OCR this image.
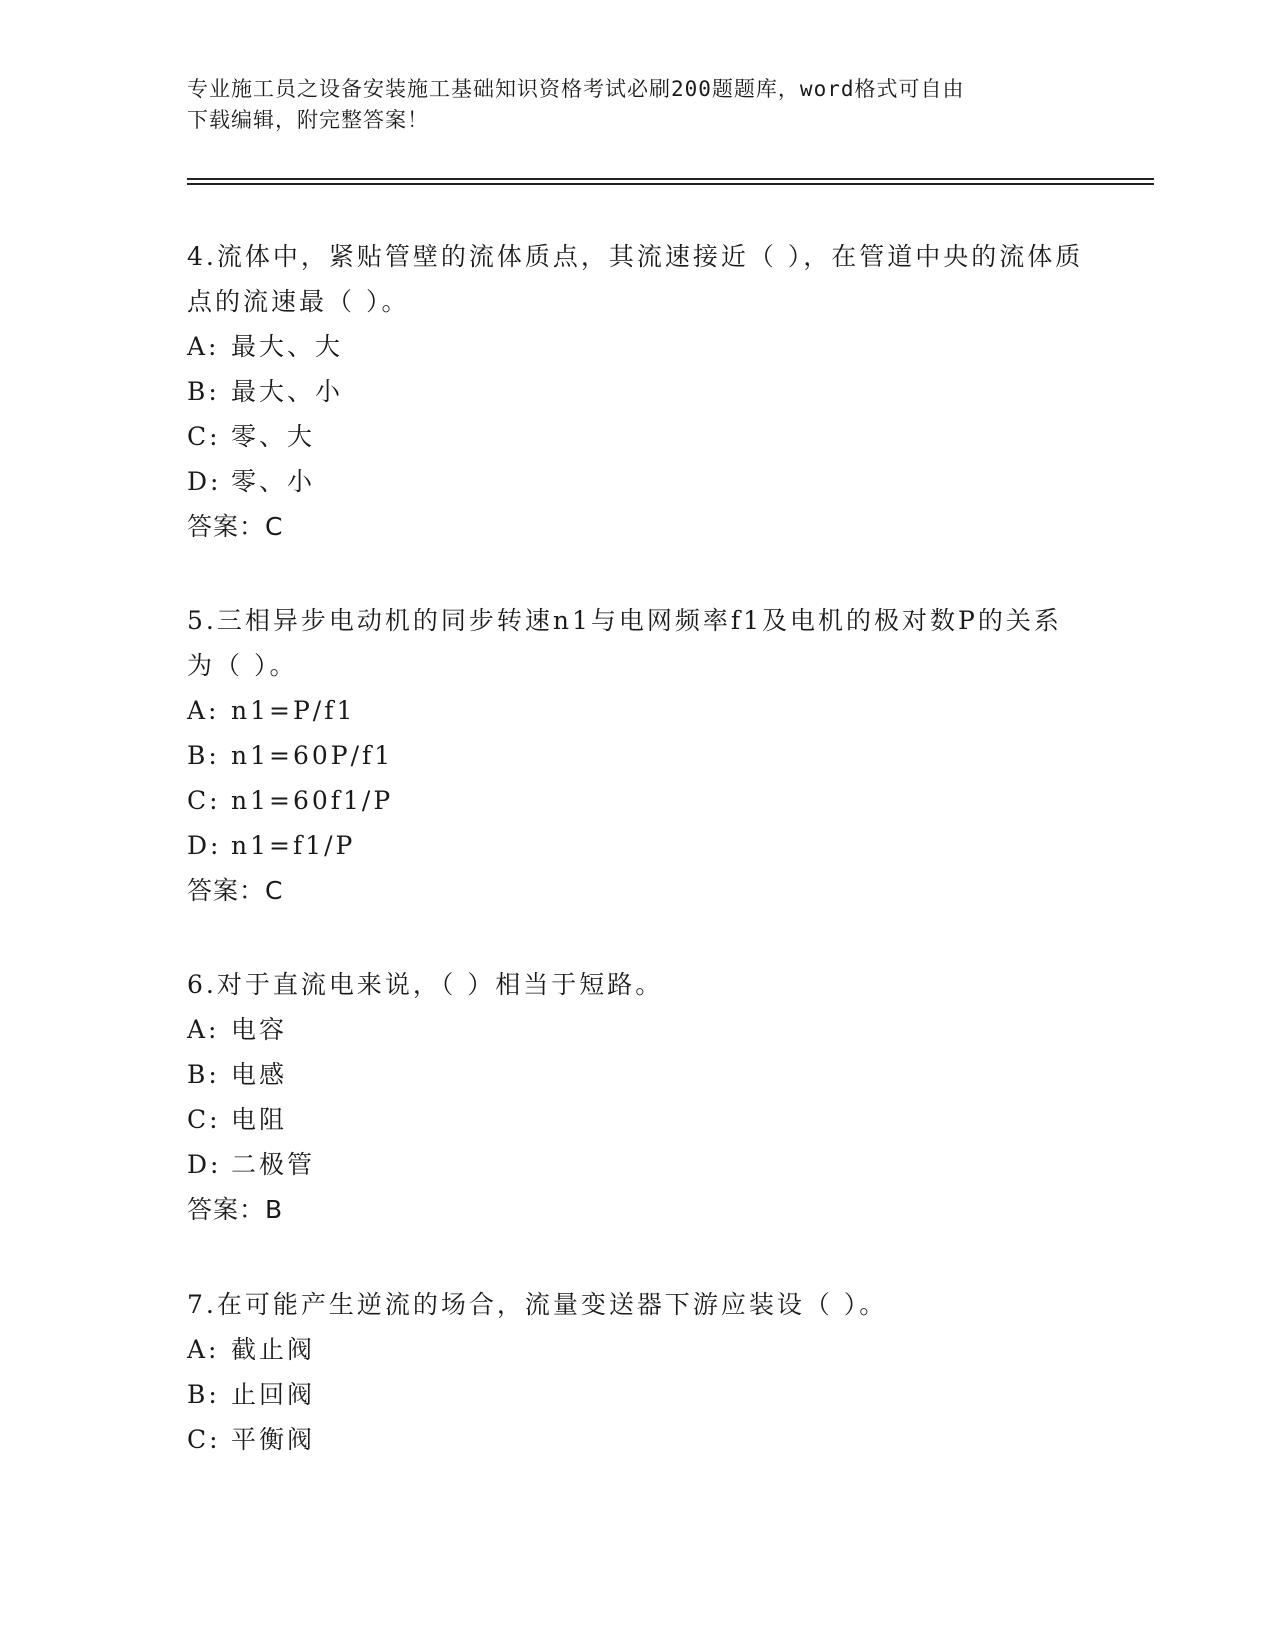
专业施工员之设备安装施工基础知识资格考试必刷200题题库，word格式可自由
下载编辑，附完整答案！

4.流体中，紧贴管壁的流体质点，其流速接近（ ），在管道中央的流体质点的流速最（ ）。

A: 最大、大
B: 最大、小
C: 零、大
D: 零、小
答案：C

5.三相异步电动机的同步转速n1与电网频率f1及电机的极对数P的关系为（ ）。

A: n1=P/f1
B: n1=60P/f1
C: n1=60f1/P
D: n1=f1/P
答案：C

6.对于直流电来说，（ ）相当于短路。

A: 电容
B: 电感
C: 电阻
D: 二极管
答案：B

7.在可能产生逆流的场合，流量变送器下游应装设（ ）。

A: 截止阀
B: 止回阀
C: 平衡阀
